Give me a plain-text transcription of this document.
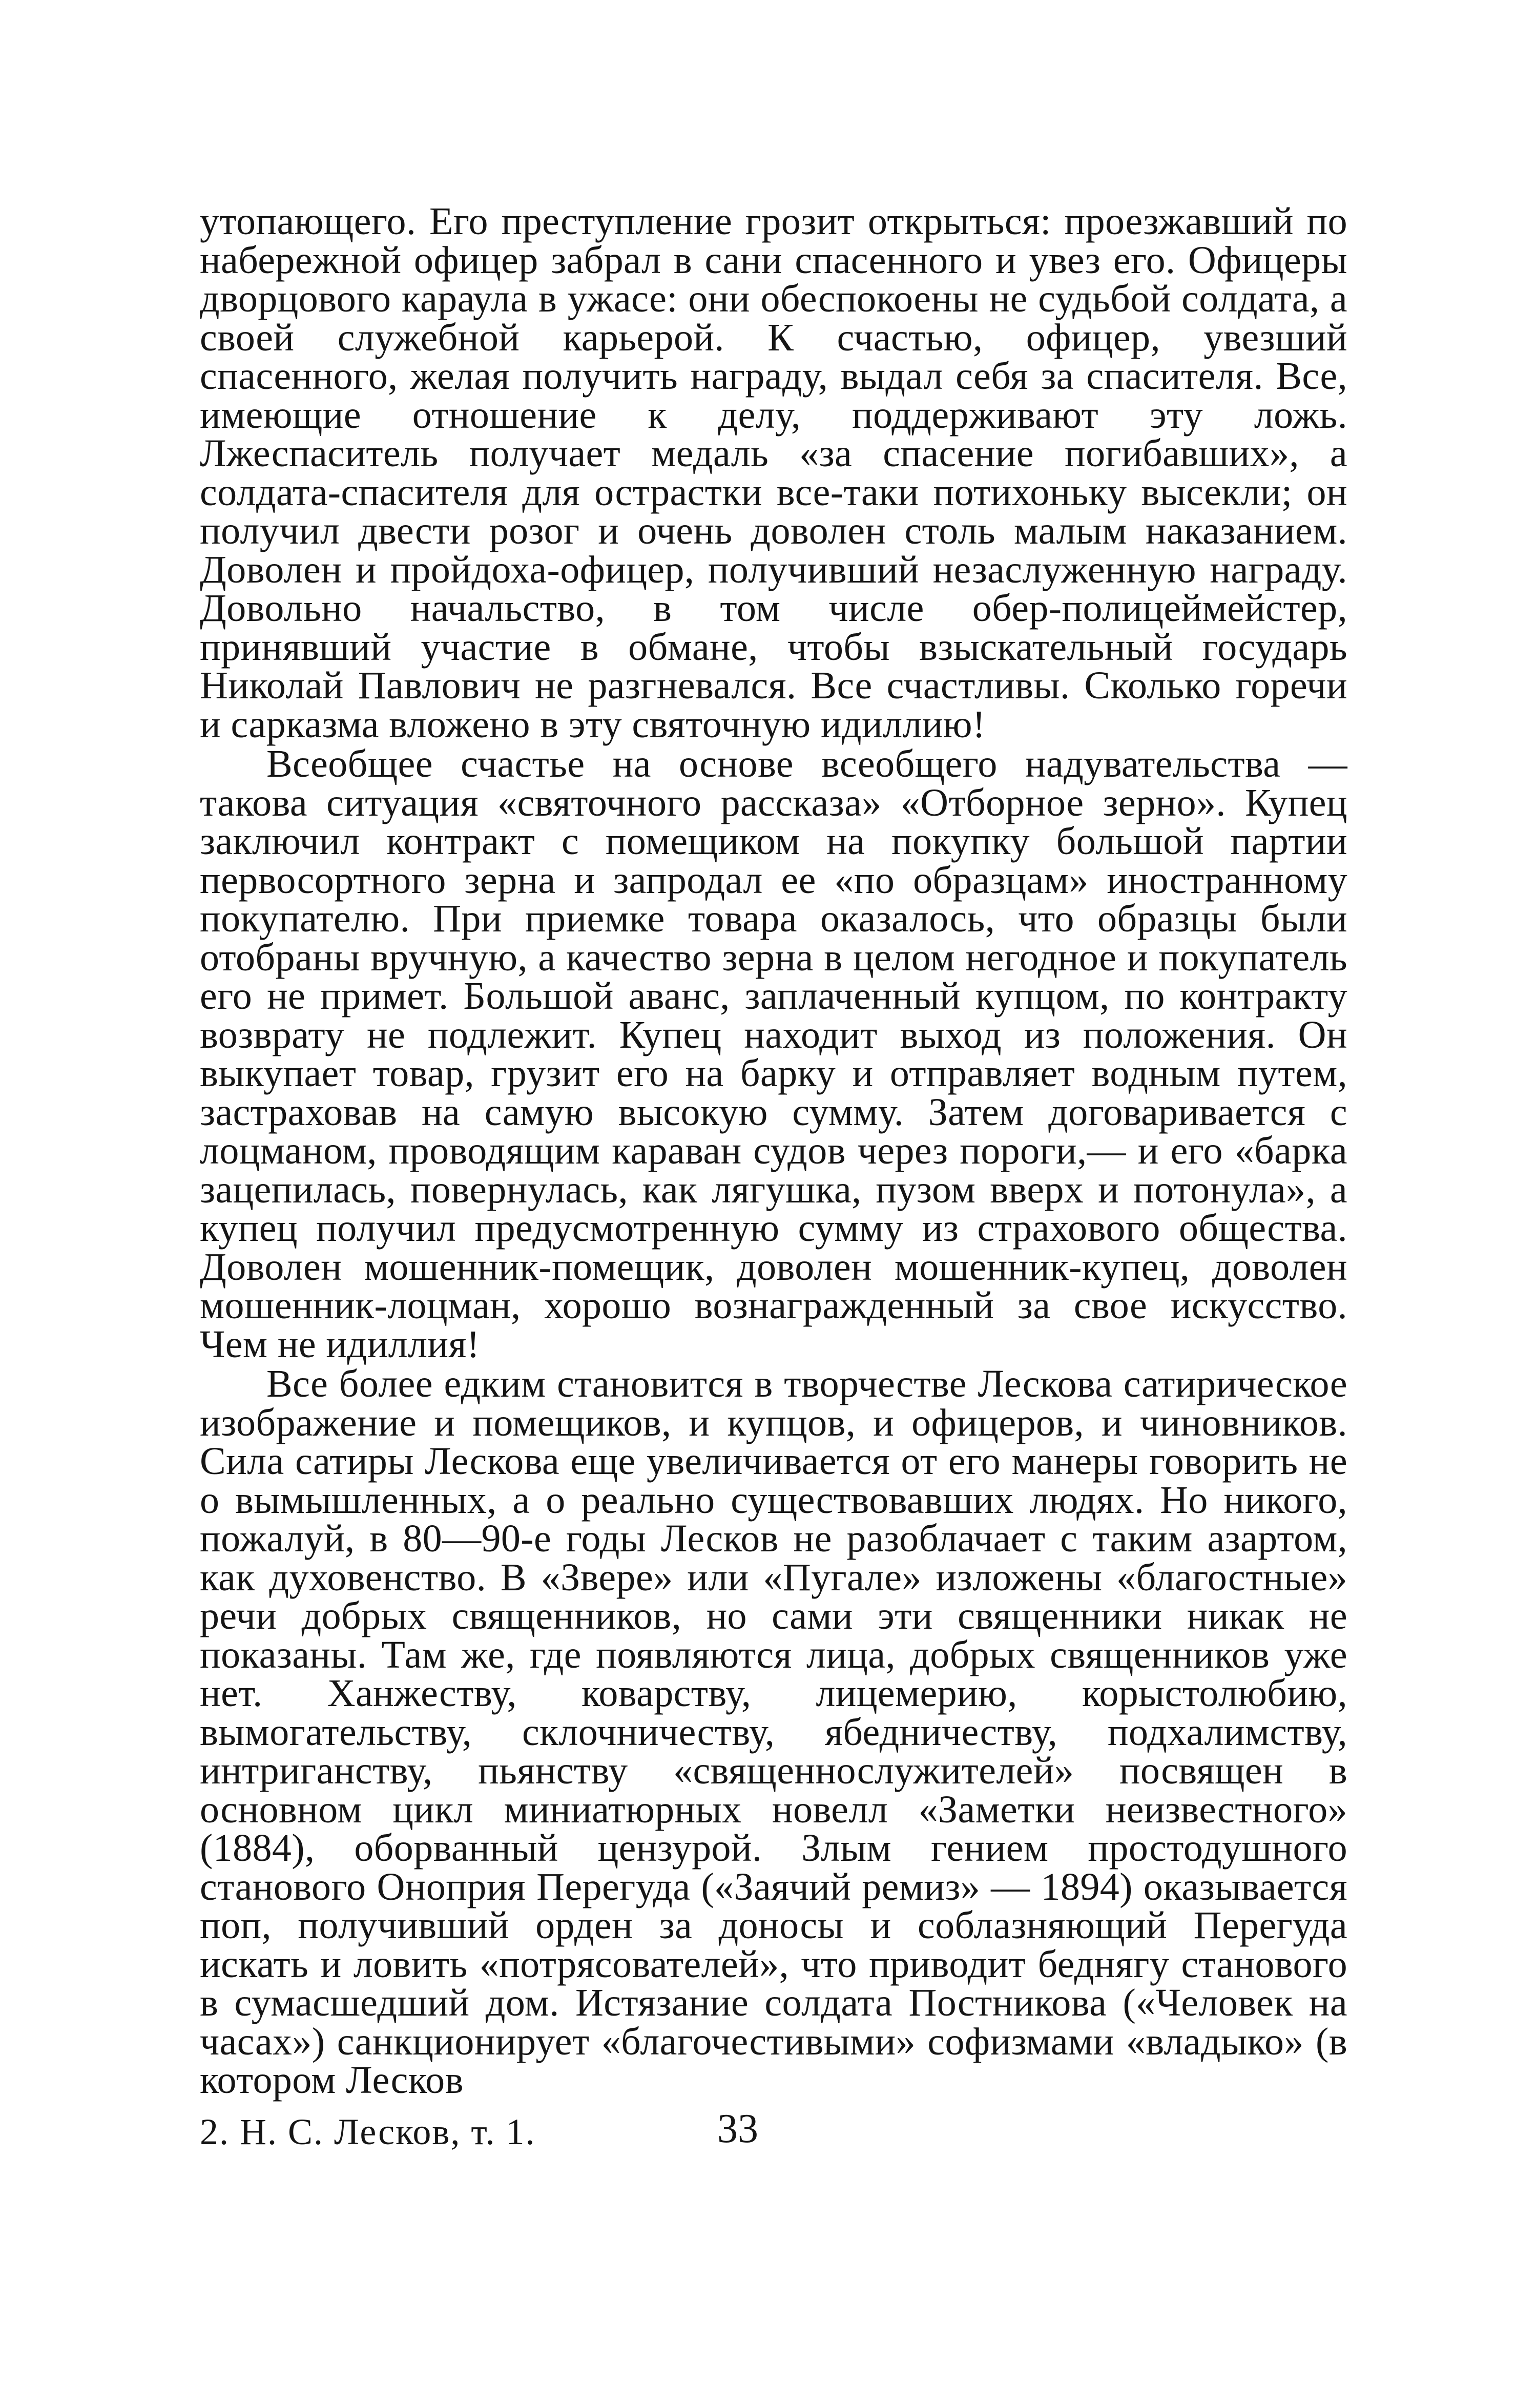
утопающего. Его преступление грозит открыться: проезжавший по набережной офицер забрал в сани спасенного и увез его. Офицеры дворцового караула в ужасе: они обеспокоены не судьбой солдата, а своей служебной карьерой. К счастью, офицер, увезший спасенного, желая получить награду, выдал себя за спасителя. Все, имеющие отношение к делу, поддерживают эту ложь. Лжеспаситель получает медаль «за спасение погибавших», а солдата-спасителя для острастки все-таки потихоньку высекли; он получил двести розог и очень доволен столь малым наказанием. Доволен и пройдоха-офицер, получивший незаслуженную награду. Довольно начальство, в том числе обер-полицеймейстер, принявший участие в обмане, чтобы взыскательный государь Николай Павлович не разгневался. Все счастливы. Сколько горечи и сарказма вложено в эту святочную идиллию!

Всеобщее счастье на основе всеобщего надувательства — такова ситуация «святочного рассказа» «Отборное зерно». Купец заключил контракт с помещиком на покупку большой партии первосортного зерна и запродал ее «по образцам» иностранному покупателю. При приемке товара оказалось, что образцы были отобраны вручную, а качество зерна в целом негодное и покупатель его не примет. Большой аванс, заплаченный купцом, по контракту возврату не подлежит. Купец находит выход из положения. Он выкупает товар, грузит его на барку и отправляет водным путем, застраховав на самую высокую сумму. Затем договаривается с лоцманом, проводящим караван судов через пороги,— и его «барка зацепилась, повернулась, как лягушка, пузом вверх и потонула», а купец получил предусмотренную сумму из страхового общества. Доволен мошенник-помещик, доволен мошенник-купец, доволен мошенник-лоцман, хорошо вознагражденный за свое искусство. Чем не идиллия!

Все более едким становится в творчестве Лескова сатирическое изображение и помещиков, и купцов, и офицеров, и чиновников. Сила сатиры Лескова еще увеличивается от его манеры говорить не о вымышленных, а о реально существовавших людях. Но никого, пожалуй, в 80—90-е годы Лесков не разоблачает с таким азартом, как духовенство. В «Звере» или «Пугале» изложены «благостные» речи добрых священников, но сами эти священники никак не показаны. Там же, где появляются лица, добрых священников уже нет. Ханжеству, коварству, лицемерию, корыстолюбию, вымогательству, склочничеству, ябедничеству, подхалимству, интриганству, пьянству «священнослужителей» посвящен в основном цикл миниатюрных новелл «Заметки неизвестного» (1884), оборванный цензурой. Злым гением простодушного станового Оноприя Перегуда («Заячий ремиз» — 1894) оказывается поп, получивший орден за доносы и соблазняющий Перегуда искать и ловить «потрясователей», что приводит беднягу станового в сумасшедший дом. Истязание солдата Постникова («Человек на часах») санкционирует «благочестивыми» софизмами «владыко» (в котором Лесков

2. Н. С. Лесков, т. 1.	33
